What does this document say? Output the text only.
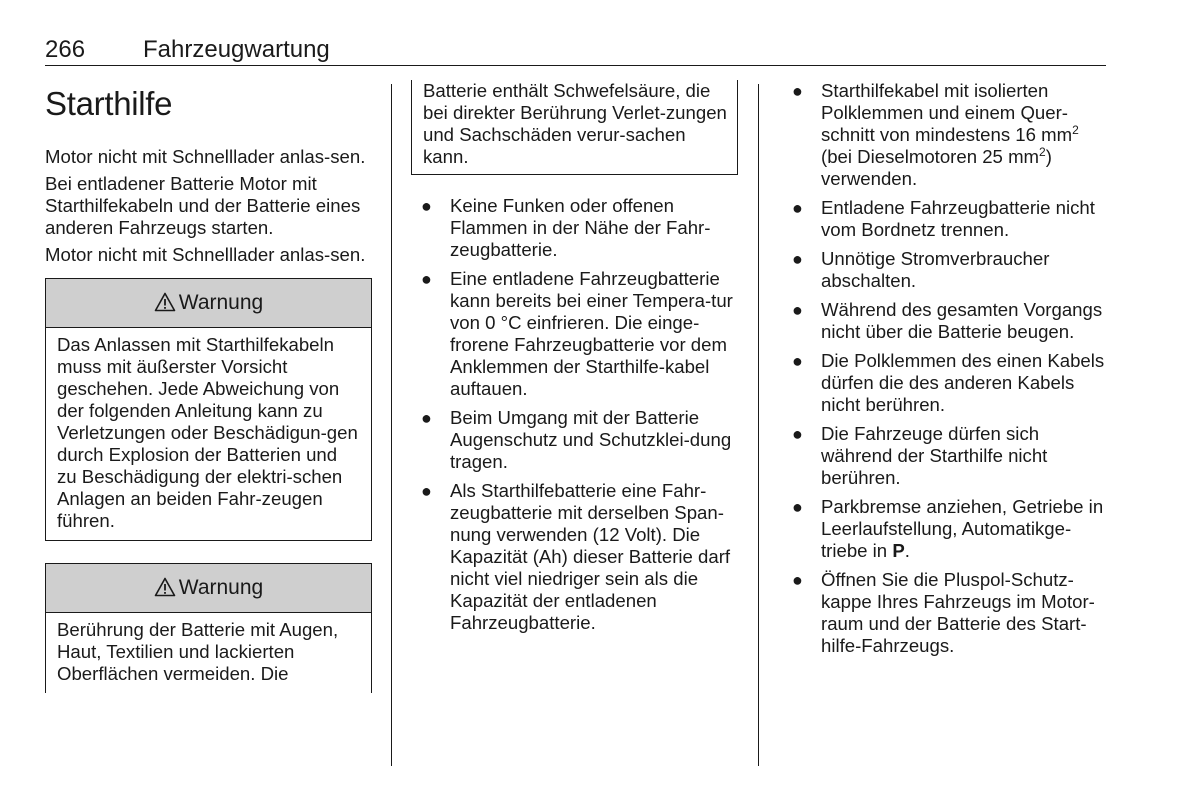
266 Fahrzeugwartung
Starthilfe

Motor nicht mit Schnelllader anlas-sen.

Bei entladener Batterie Motor mit Starthilfekabeln und der Batterie eines anderen Fahrzeugs starten.

Motor nicht mit Schnelllader anlas-sen.

Warnung
Das Anlassen mit Starthilfekabeln muss mit äußerster Vorsicht geschehen. Jede Abweichung von der folgenden Anleitung kann zu Verletzungen oder Beschädigun-gen durch Explosion der Batterien und zu Beschädigung der elektri-schen Anlagen an beiden Fahr-zeugen führen.
Warnung
Berührung der Batterie mit Augen, Haut, Textilien und lackierten Oberflächen vermeiden. Die
Batterie enthält Schwefelsäure, die bei direkter Berührung Verlet-zungen und Sachschäden verur-sachen kann.
● Keine Funken oder offenen Flammen in der Nähe der Fahr-zeugbatterie.
● Eine entladene Fahrzeugbatterie kann bereits bei einer Tempera-tur von 0 °C einfrieren. Die einge-frorene Fahrzeugbatterie vor dem Anklemmen der Starthilfe-kabel auftauen.
● Beim Umgang mit der Batterie Augenschutz und Schutzklei-dung tragen.
● Als Starthilfebatterie eine Fahr-zeugbatterie mit derselben Span-nung verwenden (12 Volt). Die Kapazität (Ah) dieser Batterie darf nicht viel niedriger sein als die Kapazität der entladenen Fahrzeugbatterie.
● Starthilfekabel mit isolierten Polklemmen und einem Quer-schnitt von mindestens 16 $mm^2$ (bei Dieselmotoren 25 $mm^2$) verwenden.
● Entladene Fahrzeugbatterie nicht vom Bordnetz trennen.
● Unnötige Stromverbraucher abschalten.
● Während des gesamten Vorgangs nicht über die Batterie beugen.
● Die Polklemmen des einen Kabels dürfen die des anderen Kabels nicht berühren.
● Die Fahrzeuge dürfen sich während der Starthilfe nicht berühren.
● Parkbremse anziehen, Getriebe in Leerlaufstellung, Automatikge-triebe in P.
● Öffnen Sie die Pluspol-Schutz-kappe Ihres Fahrzeugs im Motor-raum und der Batterie des Start-hilfe-Fahrzeugs.
